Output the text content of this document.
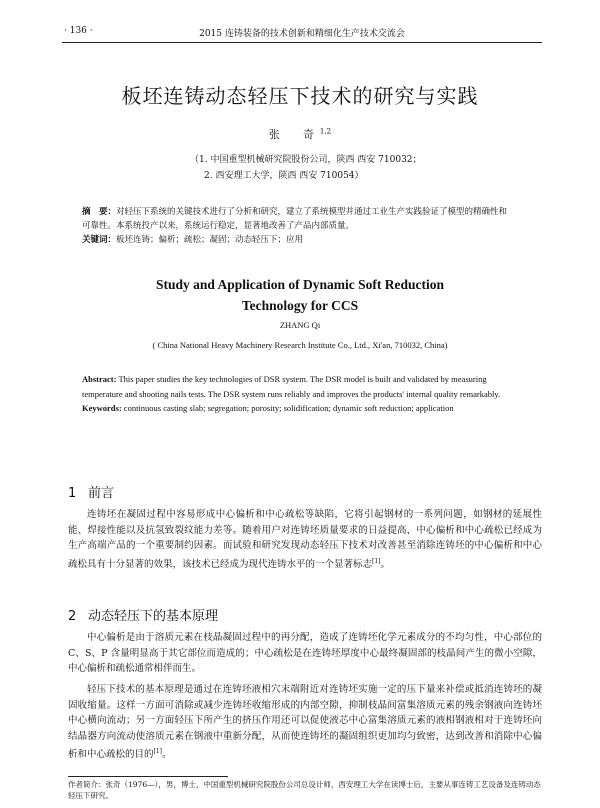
· 136 ·	2015 连铸装备的技术创新和精细化生产技术交流会
板坯连铸动态轻压下技术的研究与实践
张　奇$^{1,2}$
（1. 中国重型机械研究院股份公司，陕西 西安 710032；
2. 西安理工大学，陕西 西安 710054）
摘　要：对轻压下系统的关键技术进行了分析和研究，建立了系统模型并通过工业生产实践验证了模型的精确性和可靠性。本系统投产以来，系统运行稳定，显著地改善了产品内部质量。
关键词：板坯连铸；偏析；疏松；凝固；动态轻压下；应用
Study and Application of Dynamic Soft Reduction
Technology for CCS
ZHANG Qi
( China National Heavy Machinery Research Institute Co., Ltd., Xi'an, 710032, China)
Abstract: This paper studies the key technologies of DSR system. The DSR model is built and validated by measuring temperature and shooting nails tests. The DSR system runs reliably and improves the products' internal quality remarkably.
Keywords: continuous casting slab; segregation; porosity; solidification; dynamic soft reduction; application
1 前言
连铸坯在凝固过程中容易形成中心偏析和中心疏松等缺陷，它将引起钢材的一系列问题，如钢材的延展性能、焊接性能以及抗氢致裂纹能力差等。随着用户对连铸坯质量要求的日益提高，中心偏析和中心疏松已经成为生产高端产品的一个重要制约因素。而试验和研究发现动态轻压下技术对改善甚至消除连铸坯的中心偏析和中心疏松具有十分显著的效果，该技术已经成为现代连铸水平的一个显著标志[1]。
2 动态轻压下的基本原理
中心偏析是由于溶质元素在枝晶凝固过程中的再分配，造成了连铸坯化学元素成分的不均匀性，中心部位的 C、S、P 含量明显高于其它部位而造成的；中心疏松是在连铸坯厚度中心最终凝固部的枝晶间产生的微小空隙，中心偏析和疏松通常相伴而生。
轻压下技术的基本原理是通过在连铸坯液相穴末端附近对连铸坯实施一定的压下量来补偿或抵消连铸坯的凝固收缩量。这样一方面可消除或减少连铸坯收缩形成的内部空隙，抑制枝晶间富集溶质元素的残余钢液向连铸坯中心横向流动；另一方面轻压下所产生的挤压作用还可以促使液芯中心富集溶质元素的液相钢液相对于连铸坯向结晶器方向流动使溶质元素在钢液中重新分配，从而使连铸坯的凝固组织更加均匀致密，达到改善和消除中心偏析和中心疏松的目的[1]。
作者简介：张奇（1976—），男，博士，中国重型机械研究院股份公司总设计师，西安理工大学在读博士后，主要从事连铸工艺设备及连铸动态轻压下研究。
